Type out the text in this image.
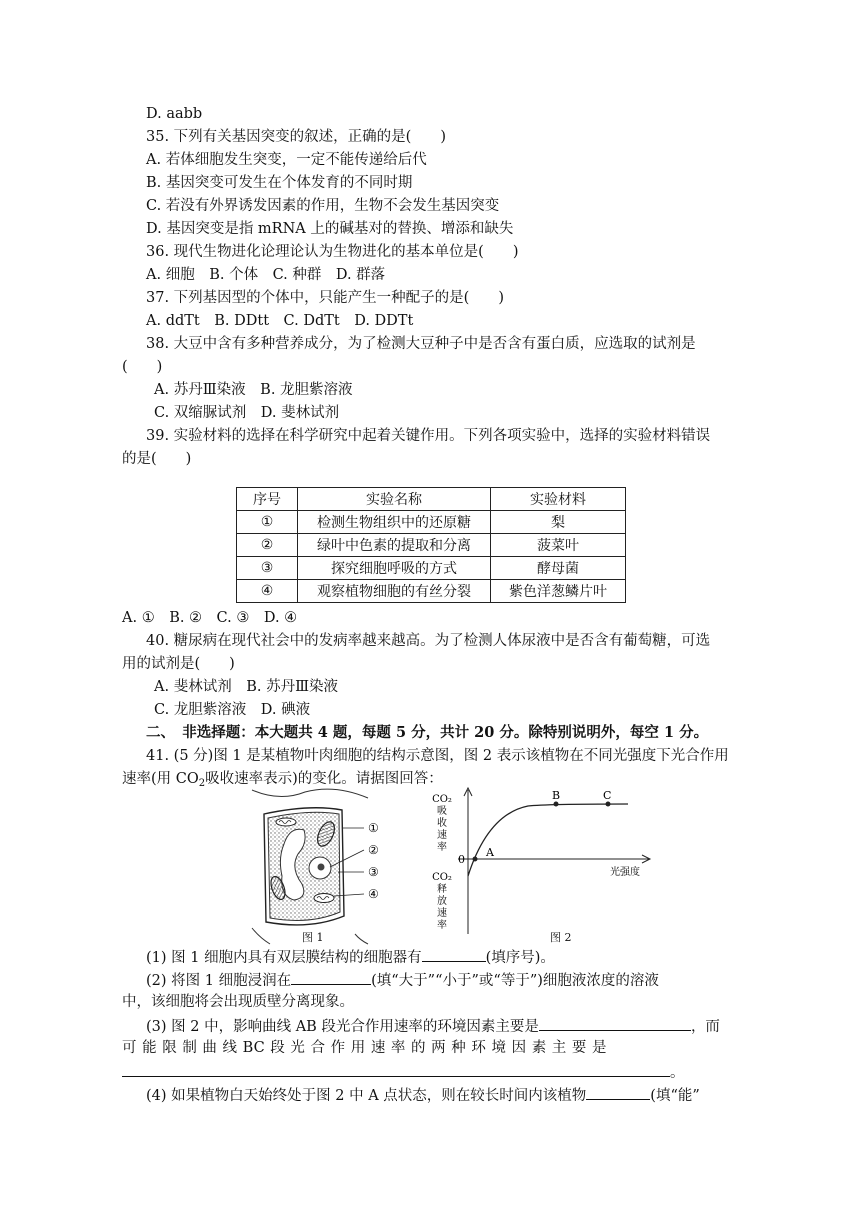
D. aabb
35. 下列有关基因突变的叙述，正确的是(　　)
A. 若体细胞发生突变，一定不能传递给后代
B. 基因突变可发生在个体发育的不同时期
C. 若没有外界诱发因素的作用，生物不会发生基因突变
D. 基因突变是指 mRNA 上的碱基对的替换、增添和缺失
36. 现代生物进化论理论认为生物进化的基本单位是(　　)
A. 细胞　B. 个体　C. 种群　D. 群落
37. 下列基因型的个体中，只能产生一种配子的是(　　)
A. ddTt　B. DDtt　C. DdTt　D. DDTt
38. 大豆中含有多种营养成分，为了检测大豆种子中是否含有蛋白质，应选取的试剂是
(　　)
A. 苏丹Ⅲ染液　B. 龙胆紫溶液
C. 双缩脲试剂　D. 斐林试剂
39. 实验材料的选择在科学研究中起着关键作用。下列各项实验中，选择的实验材料错误
的是(　　)
序号	实验名称	实验材料
①	检测生物组织中的还原糖	梨
②	绿叶中色素的提取和分离	菠菜叶
③	探究细胞呼吸的方式	酵母菌
④	观察植物细胞的有丝分裂	紫色洋葱鳞片叶
A. ①　B. ②　C. ③　D. ④
40. 糖尿病在现代社会中的发病率越来越高。为了检测人体尿液中是否含有葡萄糖，可选
用的试剂是(　　)
A. 斐林试剂　B. 苏丹Ⅲ染液
C. 龙胆紫溶液　D. 碘液
二、　非选择题：本大题共 4 题，每题 5 分，共计 20 分。除特别说明外，每空 1 分。
41. (5 分)图 1 是某植物叶肉细胞的结构示意图，图 2 表示该植物在不同光强度下光合作用
速率(用 $CO_2$吸收速率表示)的变化。请据图回答：
①
②
③
④
图 1
CO₂
吸
收
速
率
CO₂
释
放
速
率
0
A
B	C
光强度
图 2
(1) 图 1 细胞内具有双层膜结构的细胞器有	(填序号)。
(2) 将图 1 细胞浸润在	(填“大于”“小于”或“等于”)细胞液浓度的溶液
中，该细胞将会出现质壁分离现象。
(3) 图 2 中，影响曲线 AB 段光合作用速率的环境因素主要是	，而
可 能 限 制 曲 线 BC 段 光 合 作 用 速 率 的 两 种 环 境 因 素 主 要 是
。
(4) 如果植物白天始终处于图 2 中 A 点状态，则在较长时间内该植物	(填“能”
